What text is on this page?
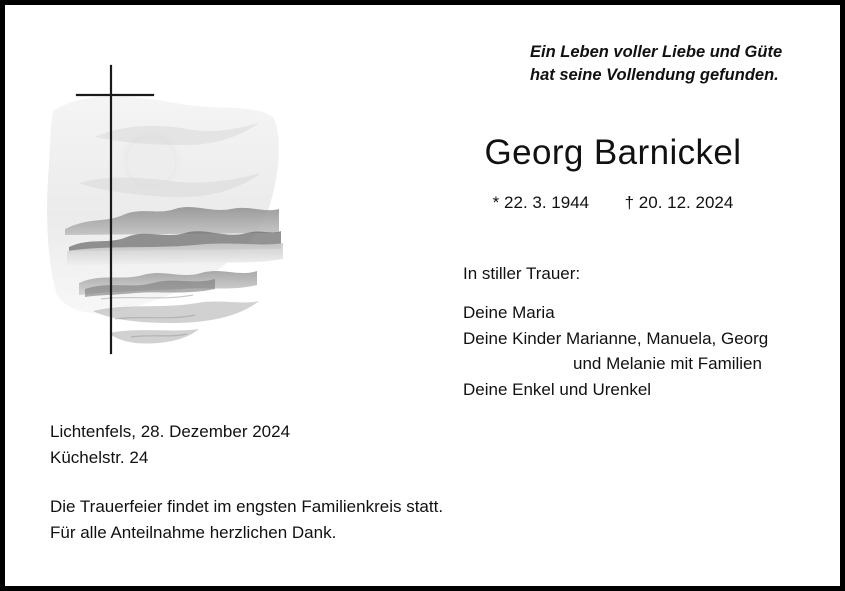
Ein Leben voller Liebe und Güte
hat seine Vollendung gefunden.
Georg Barnickel
* 22. 3. 1944 † 20. 12. 2024
In stiller Trauer:
Deine Maria
Deine Kinder Marianne, Manuela, Georg
und Melanie mit Familien
Deine Enkel und Urenkel
Lichtenfels, 28. Dezember 2024
Küchelstr. 24
Die Trauerfeier findet im engsten Familienkreis statt.
Für alle Anteilnahme herzlichen Dank.
